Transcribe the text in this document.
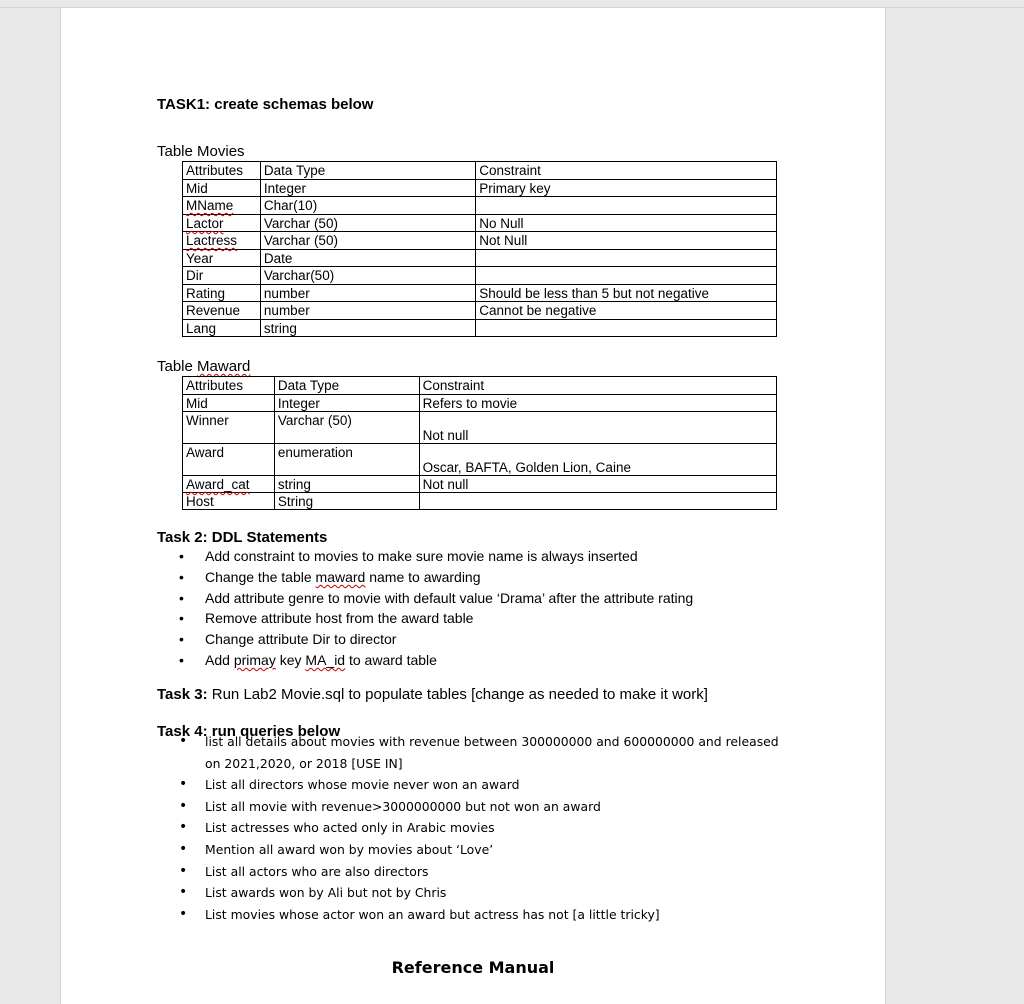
TASK1: create schemas below

Table Movies

Attributes	Data Type	Constraint
Mid	Integer	Primary key
MName	Char(10)	
Lactor	Varchar (50)	No Null
Lactress	Varchar (50)	Not Null
Year	Date	
Dir	Varchar(50)	
Rating	number	Should be less than 5 but not negative
Revenue	number	Cannot be negative
Lang	string	

Table Maward

Attributes	Data Type	Constraint
Mid	Integer	Refers to movie
Winner	Varchar (50)	Not null
Award	enumeration	Oscar, BAFTA, Golden Lion, Caine
Award_cat	string	Not null
Host	String	

Task 2: DDL Statements

• Add constraint to movies to make sure movie name is always inserted
• Change the table maward name to awarding
• Add attribute genre to movie with default value ‘Drama’ after the attribute rating
• Remove attribute host from the award table
• Change attribute Dir to director
• Add primay key MA_id to award table

Task 3: Run Lab2 Movie.sql to populate tables [change as needed to make it work]

Task 4: run queries below

• list all details about movies with revenue between 300000000 and 600000000 and released on 2021,2020, or 2018 [USE IN]
• List all directors whose movie never won an award
• List all movie with revenue>3000000000 but not won an award
• List actresses who acted only in Arabic movies
• Mention all award won by movies about ‘Love’
• List all actors who are also directors
• List awards won by Ali but not by Chris
• List movies whose actor won an award but actress has not [a little tricky]

Reference Manual
